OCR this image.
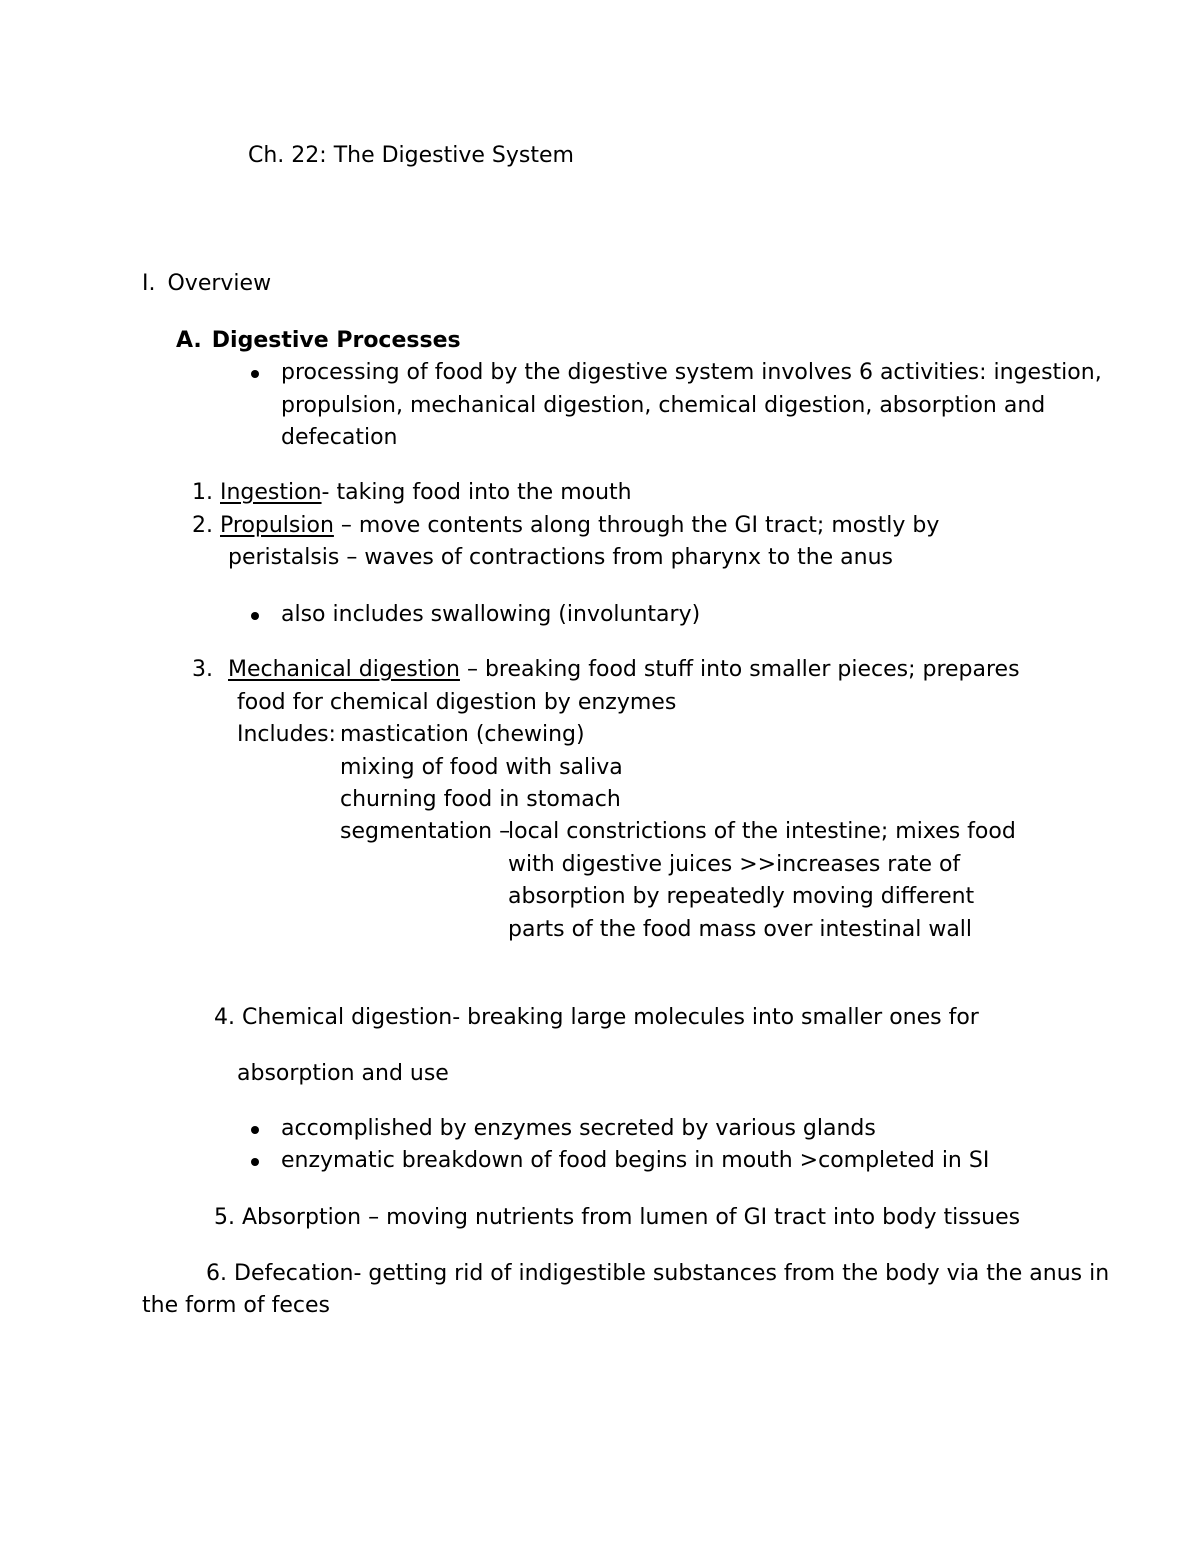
Ch. 22: The Digestive System
I. Overview
A. Digestive Processes
processing of food by the digestive system involves 6 activities: ingestion,
propulsion, mechanical digestion, chemical digestion, absorption and
defecation
1. Ingestion- taking food into the mouth
2. Propulsion – move contents along through the GI tract; mostly by
peristalsis – waves of contractions from pharynx to the anus
also includes swallowing (involuntary)
3. Mechanical digestion – breaking food stuff into smaller pieces; prepares
food for chemical digestion by enzymes
Includes: mastication (chewing)
mixing of food with saliva
churning food in stomach
segmentation –
local constrictions of the intestine; mixes food
with digestive juices >>increases rate of
absorption by repeatedly moving different
parts of the food mass over intestinal wall
4. Chemical digestion- breaking large molecules into smaller ones for
absorption and use
accomplished by enzymes secreted by various glands
enzymatic breakdown of food begins in mouth >completed in SI
5. Absorption – moving nutrients from lumen of GI tract into body tissues
6. Defecation- getting rid of indigestible substances from the body via the anus in
the form of feces
